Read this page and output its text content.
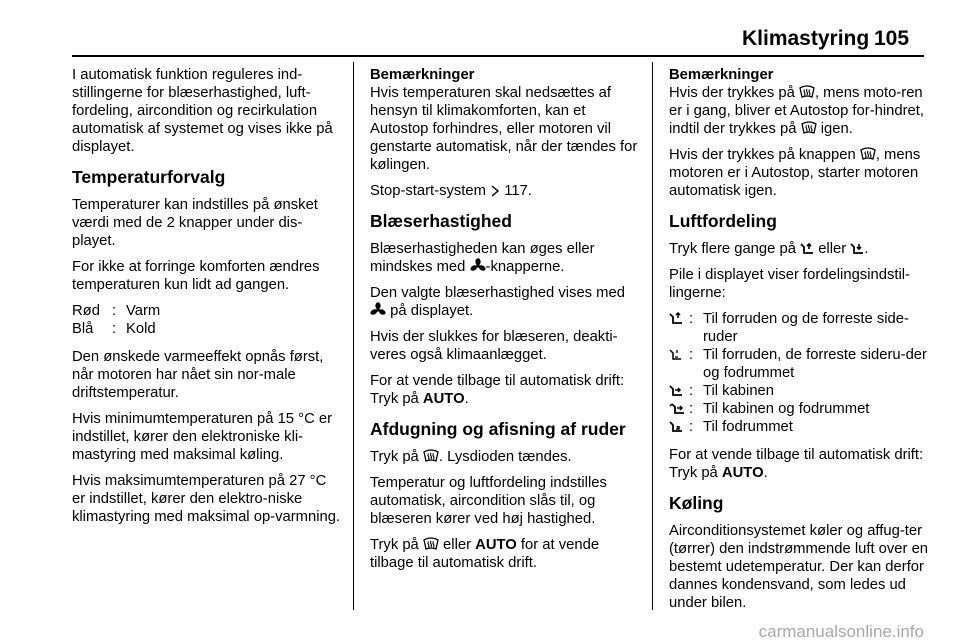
Klimastyring 105

I automatisk funktion reguleres ind-stillingerne for blæserhastighed, luft-fordeling, aircondition og recirkulation automatisk af systemet og vises ikke på displayet.

Temperaturforvalg

Temperaturer kan indstilles på ønsket værdi med de 2 knapper under dis-playet.

For ikke at forringe komforten ændres temperaturen kun lidt ad gangen.

Rød : Varm
Blå	: Kold

Den ønskede varmeeffekt opnås først, når motoren har nået sin nor-male driftstemperatur.

Hvis minimumtemperaturen på 15 °C er indstillet, kører den elektroniske kli-mastyring med maksimal køling.

Hvis maksimumtemperaturen på 27 °C er indstillet, kører den elektro-niske klimastyring med maksimal op-varmning.

Bemærkninger

Hvis temperaturen skal nedsættes af hensyn til klimakomforten, kan et Autostop forhindres, eller motoren vil genstarte automatisk, når der tændes for kølingen.

Stop-start-system 117.

Blæserhastighed

Blæserhastigheden kan øges eller mindskes med -knapperne.

Den valgte blæserhastighed vises med  på displayet.

Hvis der slukkes for blæseren, deakti-veres også klimaanlægget.

For at vende tilbage til automatisk drift: Tryk på AUTO.

Afdugning og afisning af ruder

Tryk på . Lysdioden tændes.

Temperatur og luftfordeling indstilles automatisk, aircondition slås til, og blæseren kører ved høj hastighed.

Tryk på eller AUTO for at vende tilbage til automatisk drift.

Bemærkninger

Hvis der trykkes på , mens moto-ren er i gang, bliver et Autostop for-hindret, indtil der trykkes på igen.

Hvis der trykkes på knappen , mens motoren er i Autostop, starter motoren automatisk igen.

Luftfordeling

Tryk flere gange på eller .

Pile i displayet viser fordelingsindstil-lingerne:

: Til forruden og de forreste side-ruder
: Til forruden, de forreste sideru-der og fodrummet
: Til kabinen
: Til kabinen og fodrummet
: Til fodrummet

For at vende tilbage til automatisk drift: Tryk på AUTO.

Køling

Airconditionsystemet køler og affug-ter (tørrer) den indstrømmende luft over en bestemt udetemperatur. Der kan derfor dannes kondensvand, som ledes ud under bilen.

carmanualsonline.info
